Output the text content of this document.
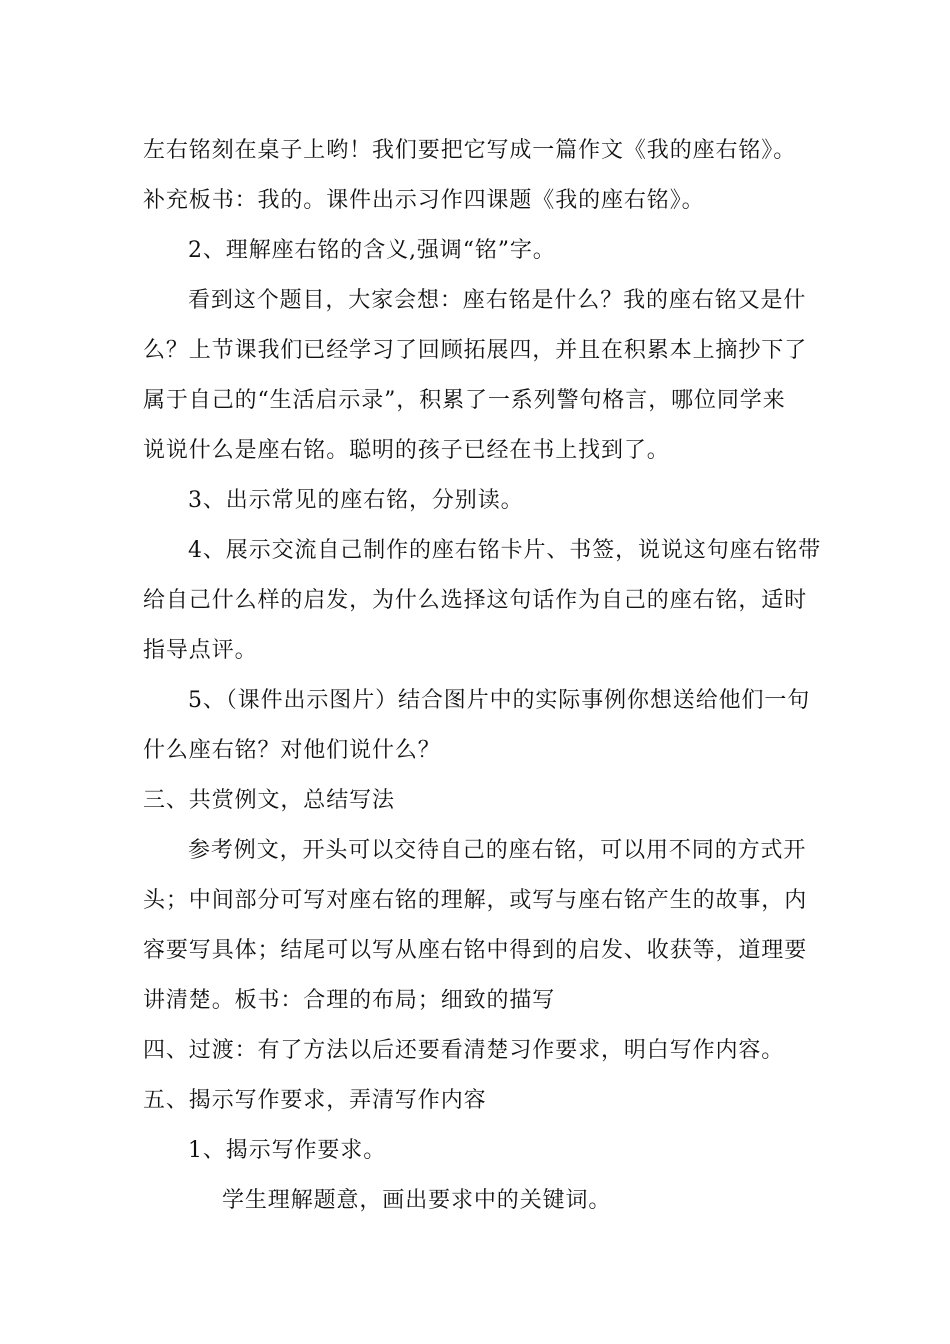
左右铭刻在桌子上哟！我们要把它写成一篇作文《我的座右铭》。
补充板书：我的。课件出示习作四课题《我的座右铭》。
2、理解座右铭的含义,强调“铭”字。
看到这个题目，大家会想：座右铭是什么？我的座右铭又是什
么？上节课我们已经学习了回顾拓展四，并且在积累本上摘抄下了
属于自己的“生活启示录”，积累了一系列警句格言，哪位同学来
说说什么是座右铭。聪明的孩子已经在书上找到了。
3、出示常见的座右铭，分别读。
4、展示交流自己制作的座右铭卡片、书签，说说这句座右铭带
给自己什么样的启发，为什么选择这句话作为自己的座右铭，适时
指导点评。
5、（课件出示图片）结合图片中的实际事例你想送给他们一句
什么座右铭？对他们说什么？
三、共赏例文，总结写法
参考例文，开头可以交待自己的座右铭，可以用不同的方式开
头；中间部分可写对座右铭的理解，或写与座右铭产生的故事，内
容要写具体；结尾可以写从座右铭中得到的启发、收获等，道理要
讲清楚。板书：合理的布局；细致的描写
四、过渡：有了方法以后还要看清楚习作要求，明白写作内容。
五、揭示写作要求，弄清写作内容
1、揭示写作要求。
学生理解题意，画出要求中的关键词。
